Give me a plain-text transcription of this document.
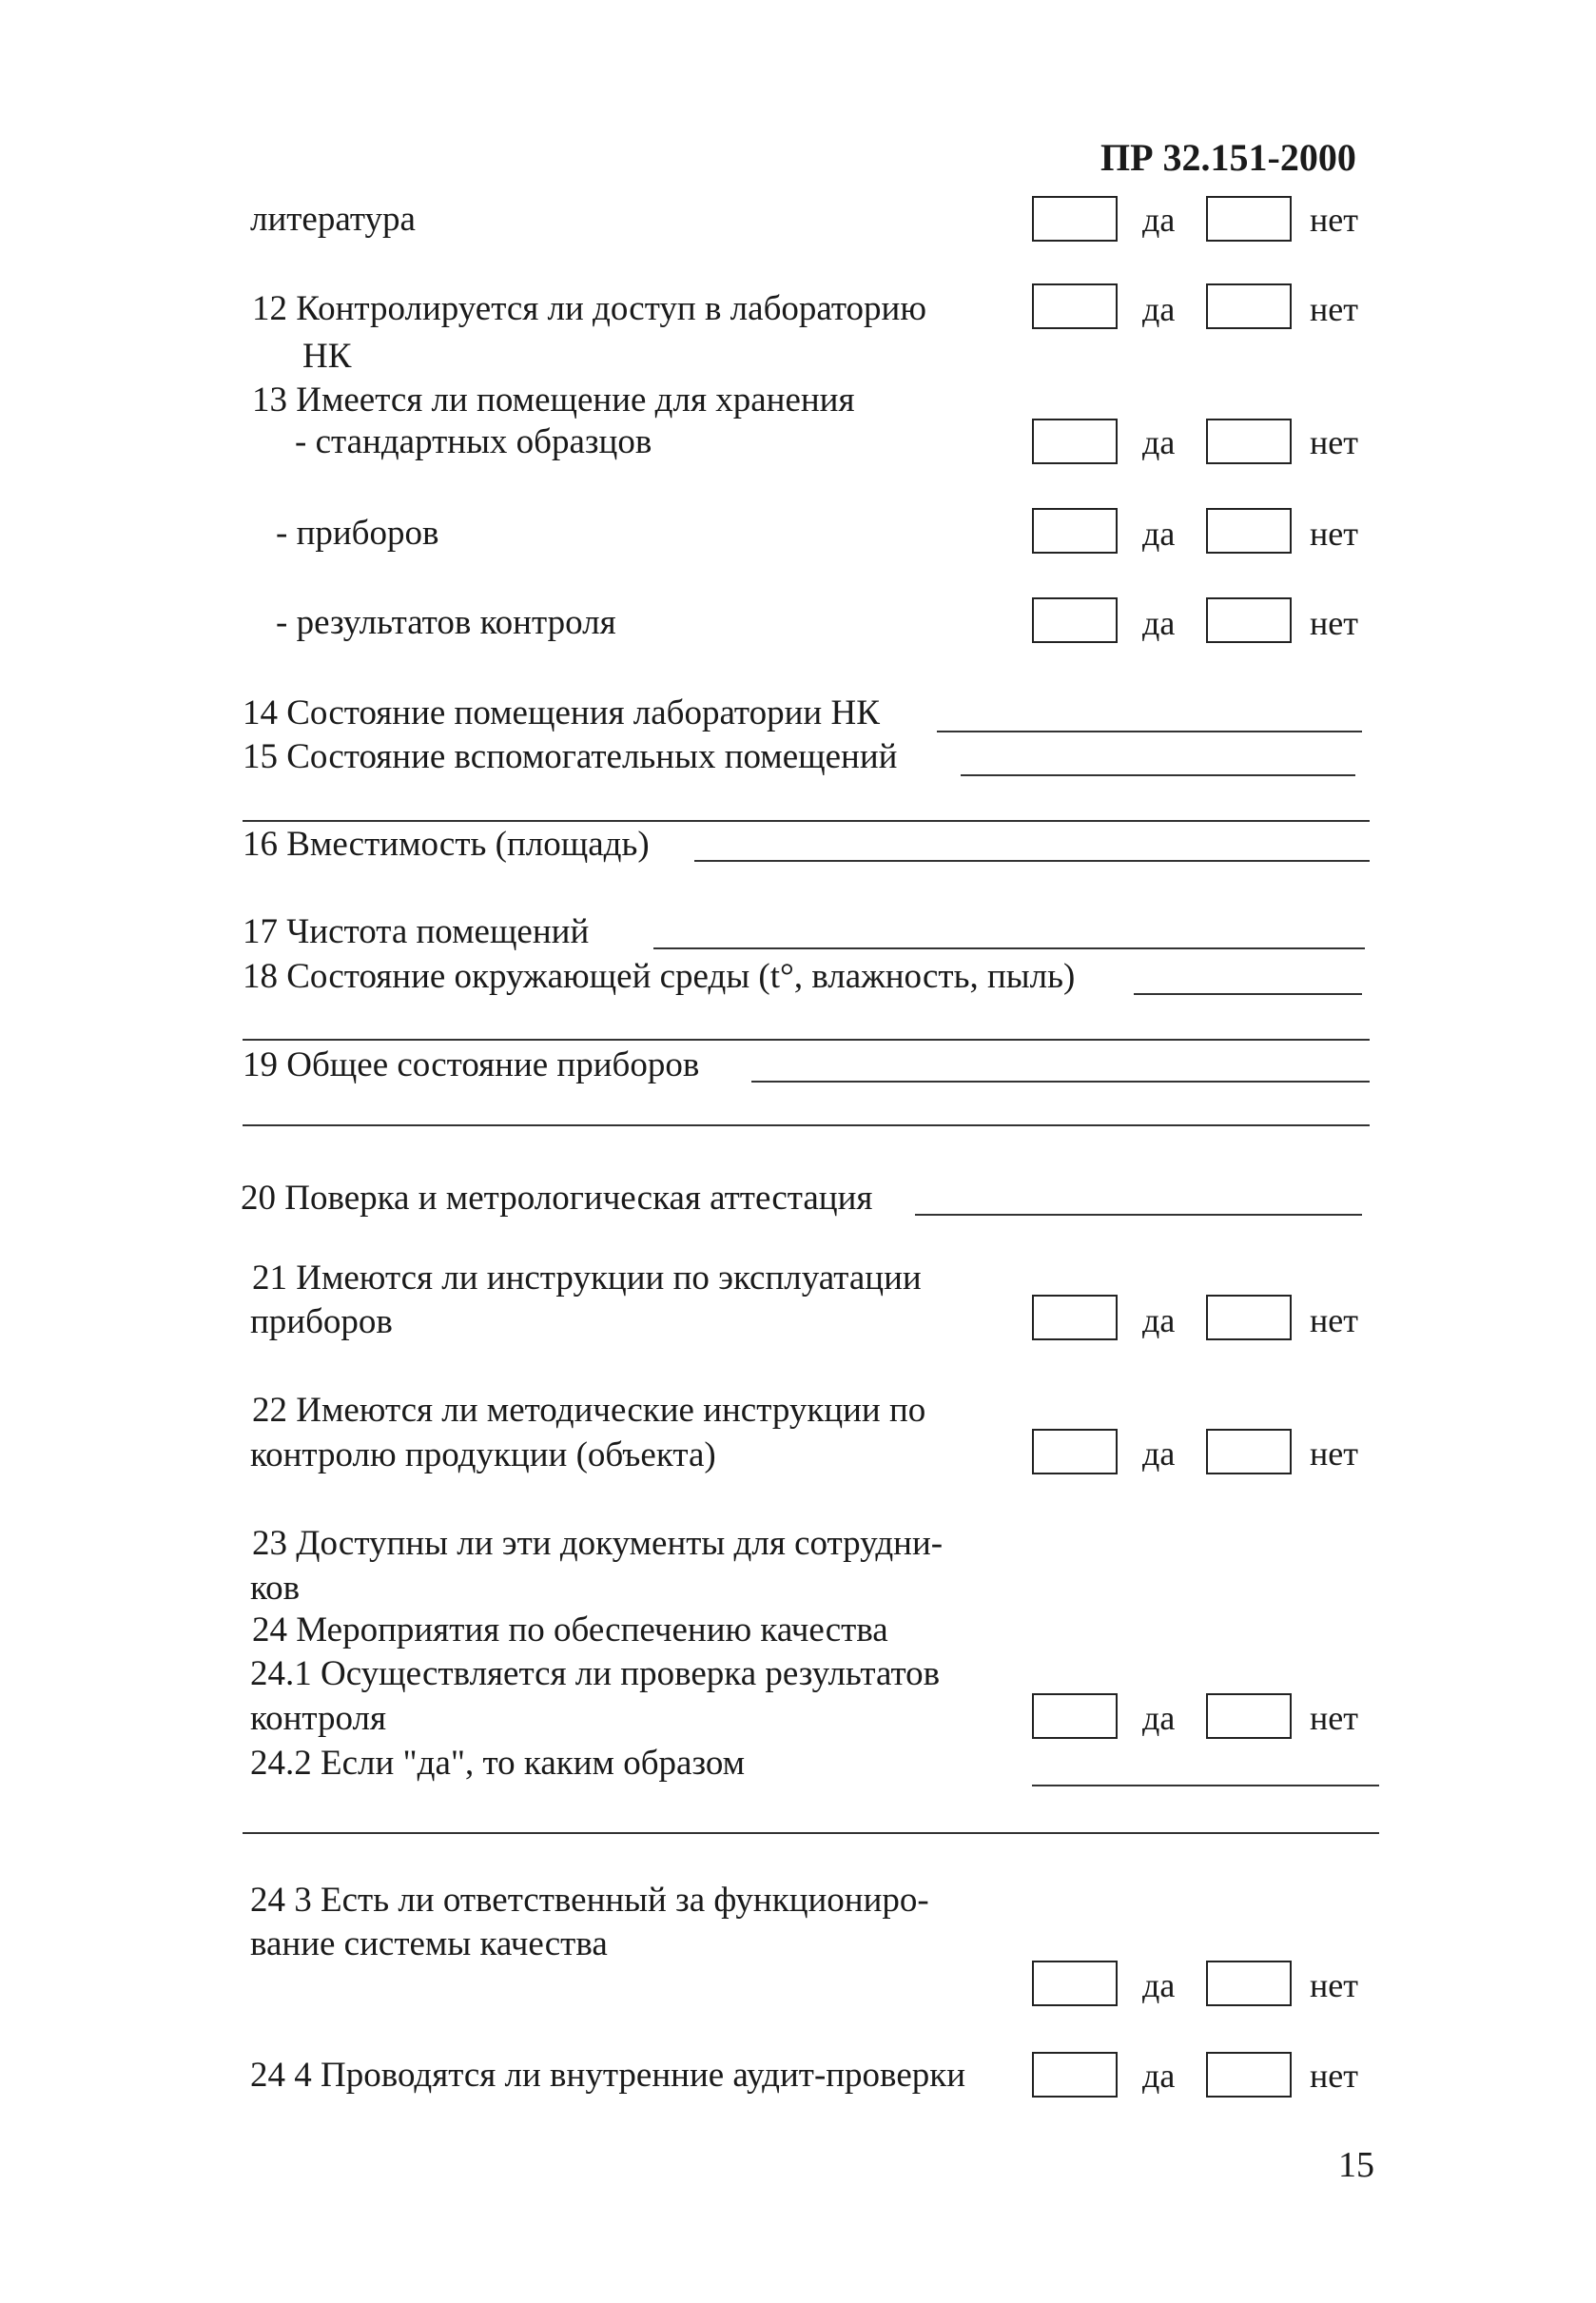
ПР 32.151-2000
литература	да	нет
12 Контролируется ли доступ в лабораторию
НК
да	нет
13 Имеется ли помещение для хранения
- стандартных образцов	да	нет
- приборов	да	нет
- результатов контроля	да	нет
14 Состояние помещения лаборатории НК
15 Состояние вспомогательных помещений
16 Вместимость (площадь)
17 Чистота помещений
18 Состояние окружающей среды (t°, влажность, пыль)
19 Общее состояние приборов
20 Поверка и метрологическая аттестация
21 Имеются ли инструкции по эксплуатации
приборов	да	нет
22 Имеются ли методические инструкции по
контролю продукции (объекта)	да	нет
23 Доступны ли эти документы для сотрудни-
ков
24 Мероприятия по обеспечению качества
24.1 Осуществляется ли проверка результатов
контроля	да	нет
24.2 Если "да", то каким образом
24 3 Есть ли ответственный за функциониро-
вание системы качества
да	нет
24 4 Проводятся ли внутренние аудит-проверки	да	нет
15
